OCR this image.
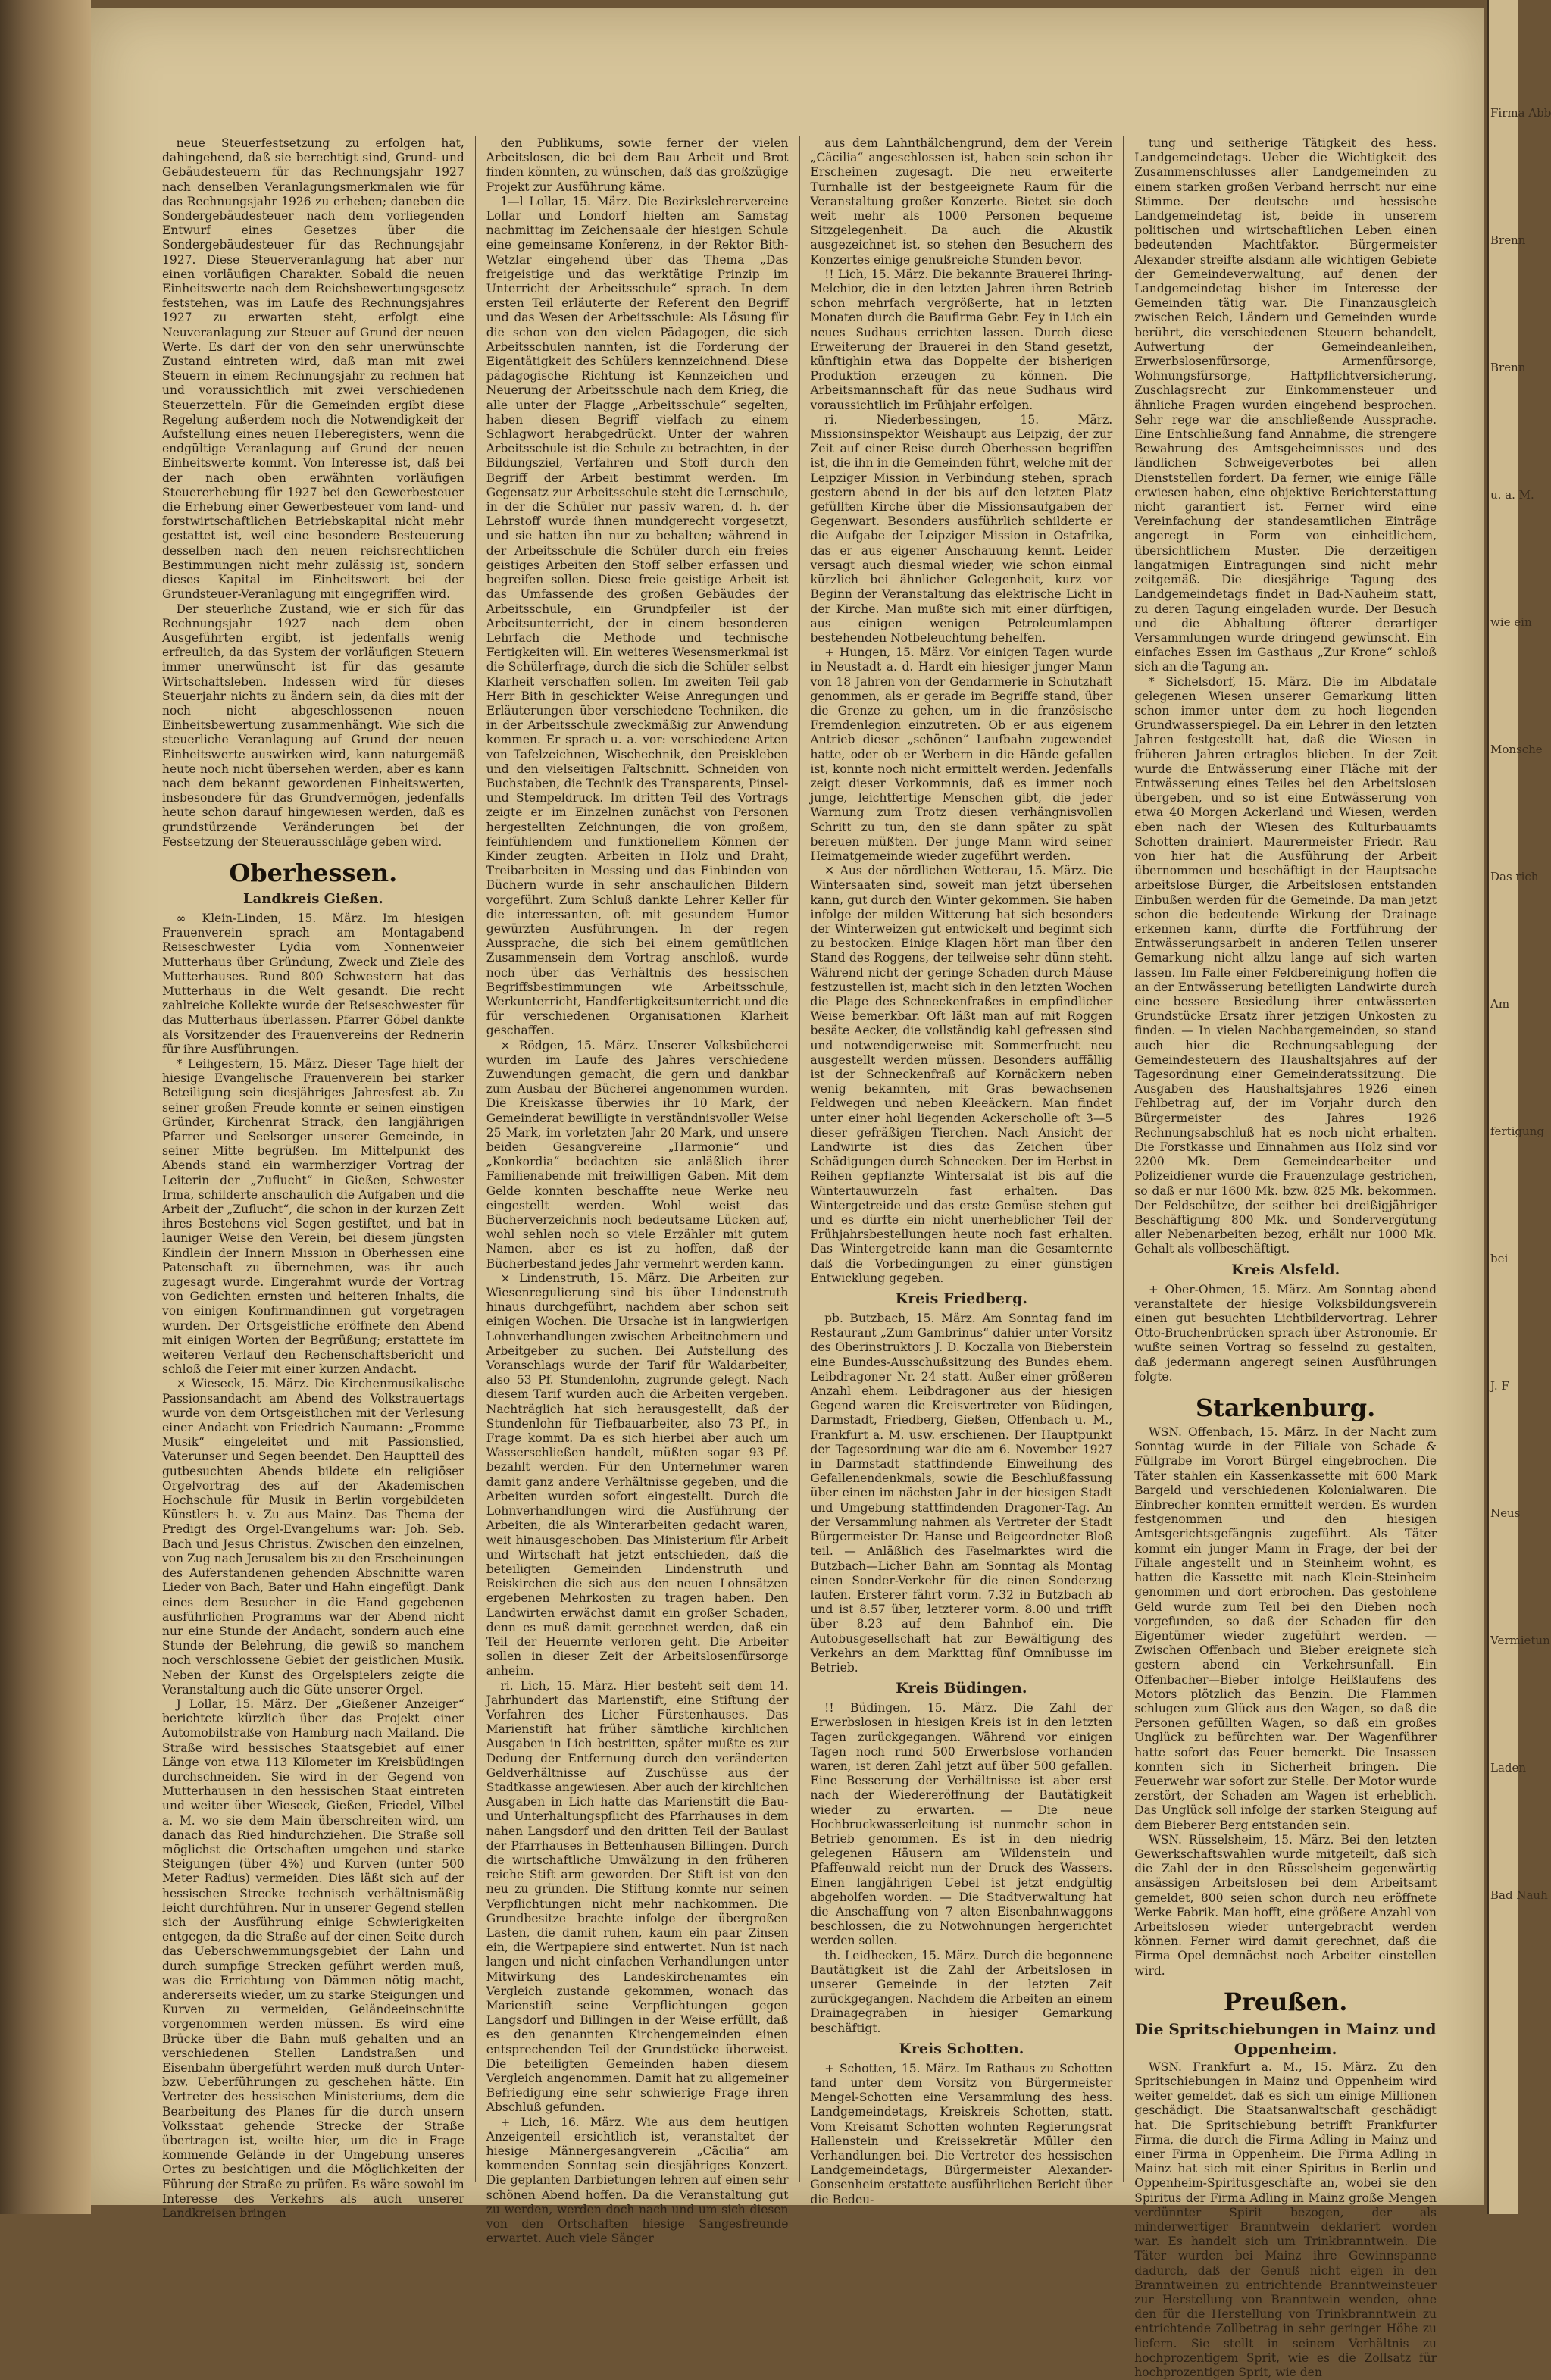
neue Steuerfestsetzung zu erfolgen hat, dahingehend, daß sie berechtigt sind, Grund- und Gebäudesteuern für das Rechnungsjahr 1927 nach denselben Veranlagungsmerkmalen wie für das Rechnungsjahr 1926 zu erheben; daneben die Sondergebäudesteuer nach dem vorliegenden Entwurf eines Gesetzes über die Sondergebäudesteuer für das Rechnungsjahr 1927. Diese Steuerveranlagung hat aber nur einen vorläufigen Charakter. Sobald die neuen Einheitswerte nach dem Reichsbewertungsgesetz feststehen, was im Laufe des Rechnungsjahres 1927 zu erwarten steht, erfolgt eine Neuveranlagung zur Steuer auf Grund der neuen Werte. Es darf der von den sehr unerwünschte Zustand eintreten wird, daß man mit zwei Steuern in einem Rechnungsjahr zu rechnen hat und voraussichtlich mit zwei verschiedenen Steuerzetteln. Für die Gemeinden ergibt diese Regelung außerdem noch die Notwendigkeit der Aufstellung eines neuen Heberegisters, wenn die endgültige Veranlagung auf Grund der neuen Einheitswerte kommt. Von Interesse ist, daß bei der nach oben erwähnten vorläufigen Steuererhebung für 1927 bei den Gewerbesteuer die Erhebung einer Gewerbesteuer vom land- und forstwirtschaftlichen Betriebskapital nicht mehr gestattet ist, weil eine besondere Besteuerung desselben nach den neuen reichsrechtlichen Bestimmungen nicht mehr zulässig ist, sondern dieses Kapital im Einheitswert bei der Grundsteuer-Veranlagung mit eingegriffen wird.

Der steuerliche Zustand, wie er sich für das Rechnungsjahr 1927 nach dem oben Ausgeführten ergibt, ist jedenfalls wenig erfreulich, da das System der vorläufigen Steuern immer unerwünscht ist für das gesamte Wirtschaftsleben. Indessen wird für dieses Steuerjahr nichts zu ändern sein, da dies mit der noch nicht abgeschlossenen neuen Einheitsbewertung zusammenhängt. Wie sich die steuerliche Veranlagung auf Grund der neuen Einheitswerte auswirken wird, kann naturgemäß heute noch nicht übersehen werden, aber es kann nach dem bekannt gewordenen Einheitswerten, insbesondere für das Grundvermögen, jedenfalls heute schon darauf hingewiesen werden, daß es grundstürzende Veränderungen bei der Festsetzung der Steuerausschläge geben wird.

Oberhessen.
Landkreis Gießen.

∞ Klein-Linden, 15. März. Im hiesigen Frauenverein sprach am Montagabend Reiseschwester Lydia vom Nonnenweier Mutterhaus über Gründung, Zweck und Ziele des Mutterhauses. Rund 800 Schwestern hat das Mutterhaus in die Welt gesandt. Die recht zahlreiche Kollekte wurde der Reiseschwester für das Mutterhaus überlassen. Pfarrer Göbel dankte als Vorsitzender des Frauenvereins der Rednerin für ihre Ausführungen.

* Leihgestern, 15. März. Dieser Tage hielt der hiesige Evangelische Frauenverein bei starker Beteiligung sein diesjähriges Jahresfest ab. Zu seiner großen Freude konnte er seinen einstigen Gründer, Kirchenrat Strack, den langjährigen Pfarrer und Seelsorger unserer Gemeinde, in seiner Mitte begrüßen. Im Mittelpunkt des Abends stand ein warmherziger Vortrag der Leiterin der „Zuflucht“ in Gießen, Schwester Irma, schilderte anschaulich die Aufgaben und die Arbeit der „Zuflucht“, die schon in der kurzen Zeit ihres Bestehens viel Segen gestiftet, und bat in launiger Weise den Verein, bei diesem jüngsten Kindlein der Innern Mission in Oberhessen eine Patenschaft zu übernehmen, was ihr auch zugesagt wurde. Eingerahmt wurde der Vortrag von Gedichten ernsten und heiteren Inhalts, die von einigen Konfirmandinnen gut vorgetragen wurden. Der Ortsgeistliche eröffnete den Abend mit einigen Worten der Begrüßung; erstattete im weiteren Verlauf den Rechenschaftsbericht und schloß die Feier mit einer kurzen Andacht.

× Wieseck, 15. März. Die Kirchenmusikalische Passionsandacht am Abend des Volkstrauertags wurde von dem Ortsgeistlichen mit der Verlesung einer Andacht von Friedrich Naumann: „Fromme Musik“ eingeleitet und mit Passionslied, Vaterunser und Segen beendet. Den Hauptteil des gutbesuchten Abends bildete ein religiöser Orgelvortrag des auf der Akademischen Hochschule für Musik in Berlin vorgebildeten Künstlers h. v. Zu aus Mainz. Das Thema der Predigt des Orgel-Evangeliums war: Joh. Seb. Bach und Jesus Christus. Zwischen den einzelnen, von Zug nach Jerusalem bis zu den Erscheinungen des Auferstandenen gehenden Abschnitte waren Lieder von Bach, Bater und Hahn eingefügt. Dank eines dem Besucher in die Hand gegebenen ausführlichen Programms war der Abend nicht nur eine Stunde der Andacht, sondern auch eine Stunde der Belehrung, die gewiß so manchem noch verschlossene Gebiet der geistlichen Musik. Neben der Kunst des Orgelspielers zeigte die Veranstaltung auch die Güte unserer Orgel.

J Lollar, 15. März. Der „Gießener Anzeiger“ berichtete kürzlich über das Projekt einer Automobilstraße von Hamburg nach Mailand. Die Straße wird hessisches Staatsgebiet auf einer Länge von etwa 113 Kilometer im Kreisbüdingen durchschneiden. Sie wird in der Gegend von Mutterhausen in den hessischen Staat eintreten und weiter über Wieseck, Gießen, Friedel, Vilbel a. M. wo sie dem Main überschreiten wird, um danach das Ried hindurchziehen. Die Straße soll möglichst die Ortschaften umgehen und starke Steigungen (über 4%) und Kurven (unter 500 Meter Radius) vermeiden. Dies läßt sich auf der hessischen Strecke technisch verhältnismäßig leicht durchführen. Nur in unserer Gegend stellen sich der Ausführung einige Schwierigkeiten entgegen, da die Straße auf der einen Seite durch das Ueberschwemmungsgebiet der Lahn und durch sumpfige Strecken geführt werden muß, was die Errichtung von Dämmen nötig macht, andererseits wieder, um zu starke Steigungen und Kurven zu vermeiden, Geländeeinschnitte vorgenommen werden müssen. Es wird eine Brücke über die Bahn muß gehalten und an verschiedenen Stellen Landstraßen und Eisenbahn übergeführt werden muß durch Unter- bzw. Ueberführungen zu geschehen hätte. Ein Vertreter des hessischen Ministeriums, dem die Bearbeitung des Planes für die durch unsern Volksstaat gehende Strecke der Straße übertragen ist, weilte hier, um die in Frage kommende Gelände in der Umgebung unseres Ortes zu besichtigen und die Möglichkeiten der Führung der Straße zu prüfen. Es wäre sowohl im Interesse des Verkehrs als auch unserer Landkreisen bringen

den Publikums, sowie ferner der vielen Arbeitslosen, die bei dem Bau Arbeit und Brot finden könnten, zu wünschen, daß das großzügige Projekt zur Ausführung käme.

1—l Lollar, 15. März. Die Bezirkslehrervereine Lollar und Londorf hielten am Samstag nachmittag im Zeichensaale der hiesigen Schule eine gemeinsame Konferenz, in der Rektor Bith-Wetzlar eingehend über das Thema „Das freigeistige und das werktätige Prinzip im Unterricht der Arbeitsschule“ sprach. In dem ersten Teil erläuterte der Referent den Begriff und das Wesen der Arbeitsschule: Als Lösung für die schon von den vielen Pädagogen, die sich Arbeitsschulen nannten, ist die Forderung der Eigentätigkeit des Schülers kennzeichnend. Diese pädagogische Richtung ist Kennzeichen und Neuerung der Arbeitsschule nach dem Krieg, die alle unter der Flagge „Arbeitsschule“ segelten, haben diesen Begriff vielfach zu einem Schlagwort herabgedrückt. Unter der wahren Arbeitsschule ist die Schule zu betrachten, in der Bildungsziel, Verfahren und Stoff durch den Begriff der Arbeit bestimmt werden. Im Gegensatz zur Arbeitsschule steht die Lernschule, in der die Schüler nur passiv waren, d. h. der Lehrstoff wurde ihnen mundgerecht vorgesetzt, und sie hatten ihn nur zu behalten; während in der Arbeitsschule die Schüler durch ein freies geistiges Arbeiten den Stoff selber erfassen und begreifen sollen. Diese freie geistige Arbeit ist das Umfassende des großen Gebäudes der Arbeitsschule, ein Grundpfeiler ist der Arbeitsunterricht, der in einem besonderen Lehrfach die Methode und technische Fertigkeiten will. Ein weiteres Wesensmerkmal ist die Schülerfrage, durch die sich die Schüler selbst Klarheit verschaffen sollen. Im zweiten Teil gab Herr Bith in geschickter Weise Anregungen und Erläuterungen über verschiedene Techniken, die in der Arbeitsschule zweckmäßig zur Anwendung kommen. Er sprach u. a. vor: verschiedene Arten von Tafelzeichnen, Wischechnik, den Preiskleben und den vielseitigen Faltschnitt. Schneiden von Buchstaben, die Technik des Transparents, Pinsel- und Stempeldruck. Im dritten Teil des Vortrags zeigte er im Einzelnen zunächst von Personen hergestellten Zeichnungen, die von großem, feinfühlendem und funktionellem Können der Kinder zeugten. Arbeiten in Holz und Draht, Treibarbeiten in Messing und das Einbinden von Büchern wurde in sehr anschaulichen Bildern vorgeführt. Zum Schluß dankte Lehrer Keller für die interessanten, oft mit gesundem Humor gewürzten Ausführungen. In der regen Aussprache, die sich bei einem gemütlichen Zusammensein dem Vortrag anschloß, wurde noch über das Verhältnis des hessischen Begriffsbestimmungen wie Arbeitsschule, Werkunterricht, Handfertigkeitsunterricht und die für verschiedenen Organisationen Klarheit geschaffen.

× Rödgen, 15. März. Unserer Volksbücherei wurden im Laufe des Jahres verschiedene Zuwendungen gemacht, die gern und dankbar zum Ausbau der Bücherei angenommen wurden. Die Kreiskasse überwies ihr 10 Mark, der Gemeinderat bewilligte in verständnisvoller Weise 25 Mark, im vorletzten Jahr 20 Mark, und unsere beiden Gesangvereine „Harmonie“ und „Konkordia“ bedachten sie anläßlich ihrer Familienabende mit freiwilligen Gaben. Mit dem Gelde konnten beschaffte neue Werke neu eingestellt werden. Wohl weist das Bücherverzeichnis noch bedeutsame Lücken auf, wohl sehlen noch so viele Erzähler mit gutem Namen, aber es ist zu hoffen, daß der Bücherbestand jedes Jahr vermehrt werden kann.

× Lindenstruth, 15. März. Die Arbeiten zur Wiesenregulierung sind bis über Lindenstruth hinaus durchgeführt, nachdem aber schon seit einigen Wochen. Die Ursache ist in langwierigen Lohnverhandlungen zwischen Arbeitnehmern und Arbeitgeber zu suchen. Bei Aufstellung des Voranschlags wurde der Tarif für Waldarbeiter, also 53 Pf. Stundenlohn, zugrunde gelegt. Nach diesem Tarif wurden auch die Arbeiten vergeben. Nachträglich hat sich herausgestellt, daß der Stundenlohn für Tiefbauarbeiter, also 73 Pf., in Frage kommt. Da es sich hierbei aber auch um Wasserschließen handelt, müßten sogar 93 Pf. bezahlt werden. Für den Unternehmer waren damit ganz andere Verhältnisse gegeben, und die Arbeiten wurden sofort eingestellt. Durch die Lohnverhandlungen wird die Ausführung der Arbeiten, die als Winterarbeiten gedacht waren, weit hinausgeschoben. Das Ministerium für Arbeit und Wirtschaft hat jetzt entschieden, daß die beteiligten Gemeinden Lindenstruth und Reiskirchen die sich aus den neuen Lohnsätzen ergebenen Mehrkosten zu tragen haben. Den Landwirten erwächst damit ein großer Schaden, denn es muß damit gerechnet werden, daß ein Teil der Heuernte verloren geht. Die Arbeiter sollen in dieser Zeit der Arbeitslosenfürsorge anheim.

ri. Lich, 15. März. Hier besteht seit dem 14. Jahrhundert das Marienstift, eine Stiftung der Vorfahren des Licher Fürstenhauses. Das Marienstift hat früher sämtliche kirchlichen Ausgaben in Lich bestritten, später mußte es zur Dedung der Entfernung durch den veränderten Geldverhältnisse auf Zuschüsse aus der Stadtkasse angewiesen. Aber auch der kirchlichen Ausgaben in Lich hatte das Marienstift die Bau- und Unterhaltungspflicht des Pfarrhauses in dem nahen Langsdorf und den dritten Teil der Baulast der Pfarrhauses in Bettenhausen Billingen. Durch die wirtschaftliche Umwälzung in den früheren reiche Stift arm geworden. Der Stift ist von den neu zu gründen. Die Stiftung konnte nur seinen Verpflichtungen nicht mehr nachkommen. Die Grundbesitze brachte infolge der übergroßen Lasten, die damit ruhen, kaum ein paar Zinsen ein, die Wertpapiere sind entwertet. Nun ist nach langen und nicht einfachen Verhandlungen unter Mitwirkung des Landeskirchenamtes ein Vergleich zustande gekommen, wonach das Marienstift seine Verpflichtungen gegen Langsdorf und Billingen in der Weise erfüllt, daß es den genannten Kirchengemeinden einen entsprechenden Teil der Grundstücke überweist. Die beteiligten Gemeinden haben diesem Vergleich angenommen. Damit hat zu allgemeiner Befriedigung eine sehr schwierige Frage ihren Abschluß gefunden.

+ Lich, 16. März. Wie aus dem heutigen Anzeigenteil ersichtlich ist, veranstaltet der hiesige Männergesangverein „Cäcilia“ am kommenden Sonntag sein diesjähriges Konzert. Die geplanten Darbietungen lehren auf einen sehr schönen Abend hoffen. Da die Veranstaltung gut zu werden, werden doch nach und um sich diesen von den Ortschaften hiesige Sangesfreunde erwartet. Auch viele Sänger

aus dem Lahnthälchengrund, dem der Verein „Cäcilia“ angeschlossen ist, haben sein schon ihr Erscheinen zugesagt. Die neu erweiterte Turnhalle ist der bestgeeignete Raum für die Veranstaltung großer Konzerte. Bietet sie doch weit mehr als 1000 Personen bequeme Sitzgelegenheit. Da auch die Akustik ausgezeichnet ist, so stehen den Besuchern des Konzertes einige genußreiche Stunden bevor.

!! Lich, 15. März. Die bekannte Brauerei Ihring-Melchior, die in den letzten Jahren ihren Betrieb schon mehrfach vergrößerte, hat in letzten Monaten durch die Baufirma Gebr. Fey in Lich ein neues Sudhaus errichten lassen. Durch diese Erweiterung der Brauerei in den Stand gesetzt, künftighin etwa das Doppelte der bisherigen Produktion erzeugen zu können. Die Arbeitsmannschaft für das neue Sudhaus wird voraussichtlich im Frühjahr erfolgen.

ri. Niederbessingen, 15. März. Missionsinspektor Weishaupt aus Leipzig, der zur Zeit auf einer Reise durch Oberhessen begriffen ist, die ihn in die Gemeinden führt, welche mit der Leipziger Mission in Verbindung stehen, sprach gestern abend in der bis auf den letzten Platz gefüllten Kirche über die Missionsaufgaben der Gegenwart. Besonders ausführlich schilderte er die Aufgabe der Leipziger Mission in Ostafrika, das er aus eigener Anschauung kennt. Leider versagt auch diesmal wieder, wie schon einmal kürzlich bei ähnlicher Gelegenheit, kurz vor Beginn der Veranstaltung das elektrische Licht in der Kirche. Man mußte sich mit einer dürftigen, aus einigen wenigen Petroleumlampen bestehenden Notbeleuchtung behelfen.

+ Hungen, 15. März. Vor einigen Tagen wurde in Neustadt a. d. Hardt ein hiesiger junger Mann von 18 Jahren von der Gendarmerie in Schutzhaft genommen, als er gerade im Begriffe stand, über die Grenze zu gehen, um in die französische Fremdenlegion einzutreten. Ob er aus eigenem Antrieb dieser „schönen“ Laufbahn zugewendet hatte, oder ob er Werbern in die Hände gefallen ist, konnte noch nicht ermittelt werden. Jedenfalls zeigt dieser Vorkommnis, daß es immer noch junge, leichtfertige Menschen gibt, die jeder Warnung zum Trotz diesen verhängnisvollen Schritt zu tun, den sie dann später zu spät bereuen müßten. Der junge Mann wird seiner Heimatgemeinde wieder zugeführt werden.

✕ Aus der nördlichen Wetterau, 15. März. Die Wintersaaten sind, soweit man jetzt übersehen kann, gut durch den Winter gekommen. Sie haben infolge der milden Witterung hat sich besonders der Winterweizen gut entwickelt und beginnt sich zu bestocken. Einige Klagen hört man über den Stand des Roggens, der teilweise sehr dünn steht. Während nicht der geringe Schaden durch Mäuse festzustellen ist, macht sich in den letzten Wochen die Plage des Schneckenfraßes in empfindlicher Weise bemerkbar. Oft läßt man auf mit Roggen besäte Aecker, die vollständig kahl gefressen sind und notwendigerweise mit Sommerfrucht neu ausgestellt werden müssen. Besonders auffällig ist der Schneckenfraß auf Kornäckern neben wenig bekannten, mit Gras bewachsenen Feldwegen und neben Kleeäckern. Man findet unter einer hohl liegenden Ackerscholle oft 3—5 dieser gefräßigen Tierchen. Nach Ansicht der Landwirte ist dies das Zeichen über Schädigungen durch Schnecken. Der im Herbst in Reihen gepflanzte Wintersalat ist bis auf die Wintertauwurzeln fast erhalten. Das Wintergetreide und das erste Gemüse stehen gut und es dürfte ein nicht unerheblicher Teil der Frühjahrsbestellungen heute noch fast erhalten. Das Wintergetreide kann man die Gesamternte daß die Vorbedingungen zu einer günstigen Entwicklung gegeben.

Kreis Friedberg.

pb. Butzbach, 15. März. Am Sonntag fand im Restaurant „Zum Gambrinus“ dahier unter Vorsitz des Oberinstruktors J. D. Koczalla von Bieberstein eine Bundes-Ausschußsitzung des Bundes ehem. Leibdragoner Nr. 24 statt. Außer einer größeren Anzahl ehem. Leibdragoner aus der hiesigen Gegend waren die Kreisvertreter von Büdingen, Darmstadt, Friedberg, Gießen, Offenbach u. M., Frankfurt a. M. usw. erschienen. Der Hauptpunkt der Tagesordnung war die am 6. November 1927 in Darmstadt stattfindende Einweihung des Gefallenendenkmals, sowie die Beschlußfassung über einen im nächsten Jahr in der hiesigen Stadt und Umgebung stattfindenden Dragoner-Tag. An der Versammlung nahmen als Vertreter der Stadt Bürgermeister Dr. Hanse und Beigeordneter Bloß teil. — Anläßlich des Faselmarktes wird die Butzbach—Licher Bahn am Sonntag als Montag einen Sonder-Verkehr für die einen Sonderzug laufen. Ersterer fährt vorm. 7.32 in Butzbach ab und ist 8.57 über, letzterer vorm. 8.00 und trifft über 8.23 auf dem Bahnhof ein. Die Autobusgesellschaft hat zur Bewältigung des Verkehrs an dem Markttag fünf Omnibusse im Betrieb.

Kreis Büdingen.

!! Büdingen, 15. März. Die Zahl der Erwerbslosen in hiesigen Kreis ist in den letzten Tagen zurückgegangen. Während vor einigen Tagen noch rund 500 Erwerbslose vorhanden waren, ist deren Zahl jetzt auf über 500 gefallen. Eine Besserung der Verhältnisse ist aber erst nach der Wiedereröffnung der Bautätigkeit wieder zu erwarten. — Die neue Hochbruckwasserleitung ist nunmehr schon in Betrieb genommen. Es ist in den niedrig gelegenen Häusern am Wildenstein und Pfaffenwald reicht nun der Druck des Wassers. Einen langjährigen Uebel ist jetzt endgültig abgeholfen worden. — Die Stadtverwaltung hat die Anschaffung von 7 alten Eisenbahnwaggons beschlossen, die zu Notwohnungen hergerichtet werden sollen.

th. Leidhecken, 15. März. Durch die begonnene Bautätigkeit ist die Zahl der Arbeitslosen in unserer Gemeinde in der letzten Zeit zurückgegangen. Nachdem die Arbeiten an einem Drainagegraben in hiesiger Gemarkung beschäftigt.

Kreis Schotten.

+ Schotten, 15. März. Im Rathaus zu Schotten fand unter dem Vorsitz von Bürgermeister Mengel-Schotten eine Versammlung des hess. Landgemeindetags, Kreiskreis Schotten, statt. Vom Kreisamt Schotten wohnten Regierungsrat Hallenstein und Kreissekretär Müller den Verhandlungen bei. Die Vertreter des hessischen Landgemeindetags, Bürgermeister Alexander-Gonsenheim erstattete ausführlichen Bericht über die Bedeu-

tung und seitherige Tätigkeit des hess. Landgemeindetags. Ueber die Wichtigkeit des Zusammenschlusses aller Landgemeinden zu einem starken großen Verband herrscht nur eine Stimme. Der deutsche und hessische Landgemeindetag ist, beide in unserem politischen und wirtschaftlichen Leben einen bedeutenden Machtfaktor. Bürgermeister Alexander streifte alsdann alle wichtigen Gebiete der Gemeindeverwaltung, auf denen der Landgemeindetag bisher im Interesse der Gemeinden tätig war. Die Finanzausgleich zwischen Reich, Ländern und Gemeinden wurde berührt, die verschiedenen Steuern behandelt, Aufwertung der Gemeindeanleihen, Erwerbslosenfürsorge, Armenfürsorge, Wohnungsfürsorge, Haftpflichtversicherung, Zuschlagsrecht zur Einkommensteuer und ähnliche Fragen wurden eingehend besprochen. Sehr rege war die anschließende Aussprache. Eine Entschließung fand Annahme, die strengere Bewahrung des Amtsgeheimnisses und des ländlichen Schweigeverbotes bei allen Dienststellen fordert. Da ferner, wie einige Fälle erwiesen haben, eine objektive Berichterstattung nicht garantiert ist. Ferner wird eine Vereinfachung der standesamtlichen Einträge angeregt in Form von einheitlichem, übersichtlichem Muster. Die derzeitigen langatmigen Eintragungen sind nicht mehr zeitgemäß. Die diesjährige Tagung des Landgemeindetags findet in Bad-Nauheim statt, zu deren Tagung eingeladen wurde. Der Besuch und die Abhaltung öfterer derartiger Versammlungen wurde dringend gewünscht. Ein einfaches Essen im Gasthaus „Zur Krone“ schloß sich an die Tagung an.

* Sichelsdorf, 15. März. Die im Albdatale gelegenen Wiesen unserer Gemarkung litten schon immer unter dem zu hoch liegenden Grundwasserspiegel. Da ein Lehrer in den letzten Jahren festgestellt hat, daß die Wiesen in früheren Jahren ertraglos blieben. In der Zeit wurde die Entwässerung einer Fläche mit der Entwässerung eines Teiles bei den Arbeitslosen übergeben, und so ist eine Entwässerung von etwa 40 Morgen Ackerland und Wiesen, werden eben nach der Wiesen des Kulturbauamts Schotten drainiert. Maurermeister Friedr. Rau von hier hat die Ausführung der Arbeit übernommen und beschäftigt in der Hauptsache arbeitslose Bürger, die Arbeitslosen entstanden Einbußen werden für die Gemeinde. Da man jetzt schon die bedeutende Wirkung der Drainage erkennen kann, dürfte die Fortführung der Entwässerungsarbeit in anderen Teilen unserer Gemarkung nicht allzu lange auf sich warten lassen. Im Falle einer Feldbereinigung hoffen die an der Entwässerung beteiligten Landwirte durch eine bessere Besiedlung ihrer entwässerten Grundstücke Ersatz ihrer jetzigen Unkosten zu finden. — In vielen Nachbargemeinden, so stand auch hier die Rechnungsablegung der Gemeindesteuern des Haushaltsjahres auf der Tagesordnung einer Gemeinderatssitzung. Die Ausgaben des Haushaltsjahres 1926 einen Fehlbetrag auf, der im Vorjahr durch den Bürgermeister des Jahres 1926 Rechnungsabschluß hat es noch nicht erhalten. Die Forstkasse und Einnahmen aus Holz sind vor 2200 Mk. Dem Gemeindearbeiter und Polizeidiener wurde die Frauenzulage gestrichen, so daß er nur 1600 Mk. bzw. 825 Mk. bekommen. Der Feldschütze, der seither bei dreißigjähriger Beschäftigung 800 Mk. und Sondervergütung aller Nebenarbeiten bezog, erhält nur 1000 Mk. Gehalt als vollbeschäftigt.

Kreis Alsfeld.

+ Ober-Ohmen, 15. März. Am Sonntag abend veranstaltete der hiesige Volksbildungsverein einen gut besuchten Lichtbildervortrag. Lehrer Otto-Bruchenbrücken sprach über Astronomie. Er wußte seinen Vortrag so fesselnd zu gestalten, daß jedermann angeregt seinen Ausführungen folgte.

Starkenburg.

WSN. Offenbach, 15. März. In der Nacht zum Sonntag wurde in der Filiale von Schade & Füllgrabe im Vorort Bürgel eingebrochen. Die Täter stahlen ein Kassenkassette mit 600 Mark Bargeld und verschiedenen Kolonialwaren. Die Einbrecher konnten ermittelt werden. Es wurden festgenommen und den hiesigen Amtsgerichtsgefängnis zugeführt. Als Täter kommt ein junger Mann in Frage, der bei der Filiale angestellt und in Steinheim wohnt, es hatten die Kassette mit nach Klein-Steinheim genommen und dort erbrochen. Das gestohlene Geld wurde zum Teil bei den Dieben noch vorgefunden, so daß der Schaden für den Eigentümer wieder zugeführt werden. — Zwischen Offenbach und Bieber ereignete sich gestern abend ein Verkehrsunfall. Ein Offenbacher—Bieber infolge Heißlaufens des Motors plötzlich das Benzin. Die Flammen schlugen zum Glück aus den Wagen, so daß die Personen gefüllten Wagen, so daß ein großes Unglück zu befürchten war. Der Wagenführer hatte sofort das Feuer bemerkt. Die Insassen konnten sich in Sicherheit bringen. Die Feuerwehr war sofort zur Stelle. Der Motor wurde zerstört, der Schaden am Wagen ist erheblich. Das Unglück soll infolge der starken Steigung auf dem Bieberer Berg entstanden sein.

WSN. Rüsselsheim, 15. März. Bei den letzten Gewerkschaftswahlen wurde mitgeteilt, daß sich die Zahl der in den Rüsselsheim gegenwärtig ansässigen Arbeitslosen bei dem Arbeitsamt gemeldet, 800 seien schon durch neu eröffnete Werke Fabrik. Man hofft, eine größere Anzahl von Arbeitslosen wieder untergebracht werden können. Ferner wird damit gerechnet, daß die Firma Opel demnächst noch Arbeiter einstellen wird.

Preußen.
Die Spritschiebungen in Mainz und Oppenheim.

WSN. Frankfurt a. M., 15. März. Zu den Spritschiebungen in Mainz und Oppenheim wird weiter gemeldet, daß es sich um einige Millionen geschädigt. Die Staatsanwaltschaft geschädigt hat. Die Spritschiebung betrifft Frankfurter Firma, die durch die Firma Adling in Mainz und einer Firma in Oppenheim. Die Firma Adling in Mainz hat sich mit einer Spiritus in Berlin und Oppenheim-Spiritusgeschäfte an, wobei sie den Spiritus der Firma Adling in Mainz große Mengen verdünnter Spirit bezogen, der als minderwertiger Branntwein deklariert worden war. Es handelt sich um Trinkbranntwein. Die Täter wurden bei Mainz ihre Gewinnspanne dadurch, daß der Genuß nicht eigen in den Branntweinen zu entrichtende Branntweinsteuer zur Herstellung von Branntwein wenden, ohne den für die Herstellung von Trinkbranntwein zu entrichtende Zollbetrag in sehr geringer Höhe zu liefern. Sie stellt in seinem Verhältnis zu hochprozentigem Sprit, wie es die Zollsatz für hochprozentigen Sprit, wie den

Firma Abb
Brenn
Brenn
u. a. M.
wie ein
Monsche
Das rich
Am
fertigung
bei
J. F
Neus
Vermietun
Laden
Bad Nauh
